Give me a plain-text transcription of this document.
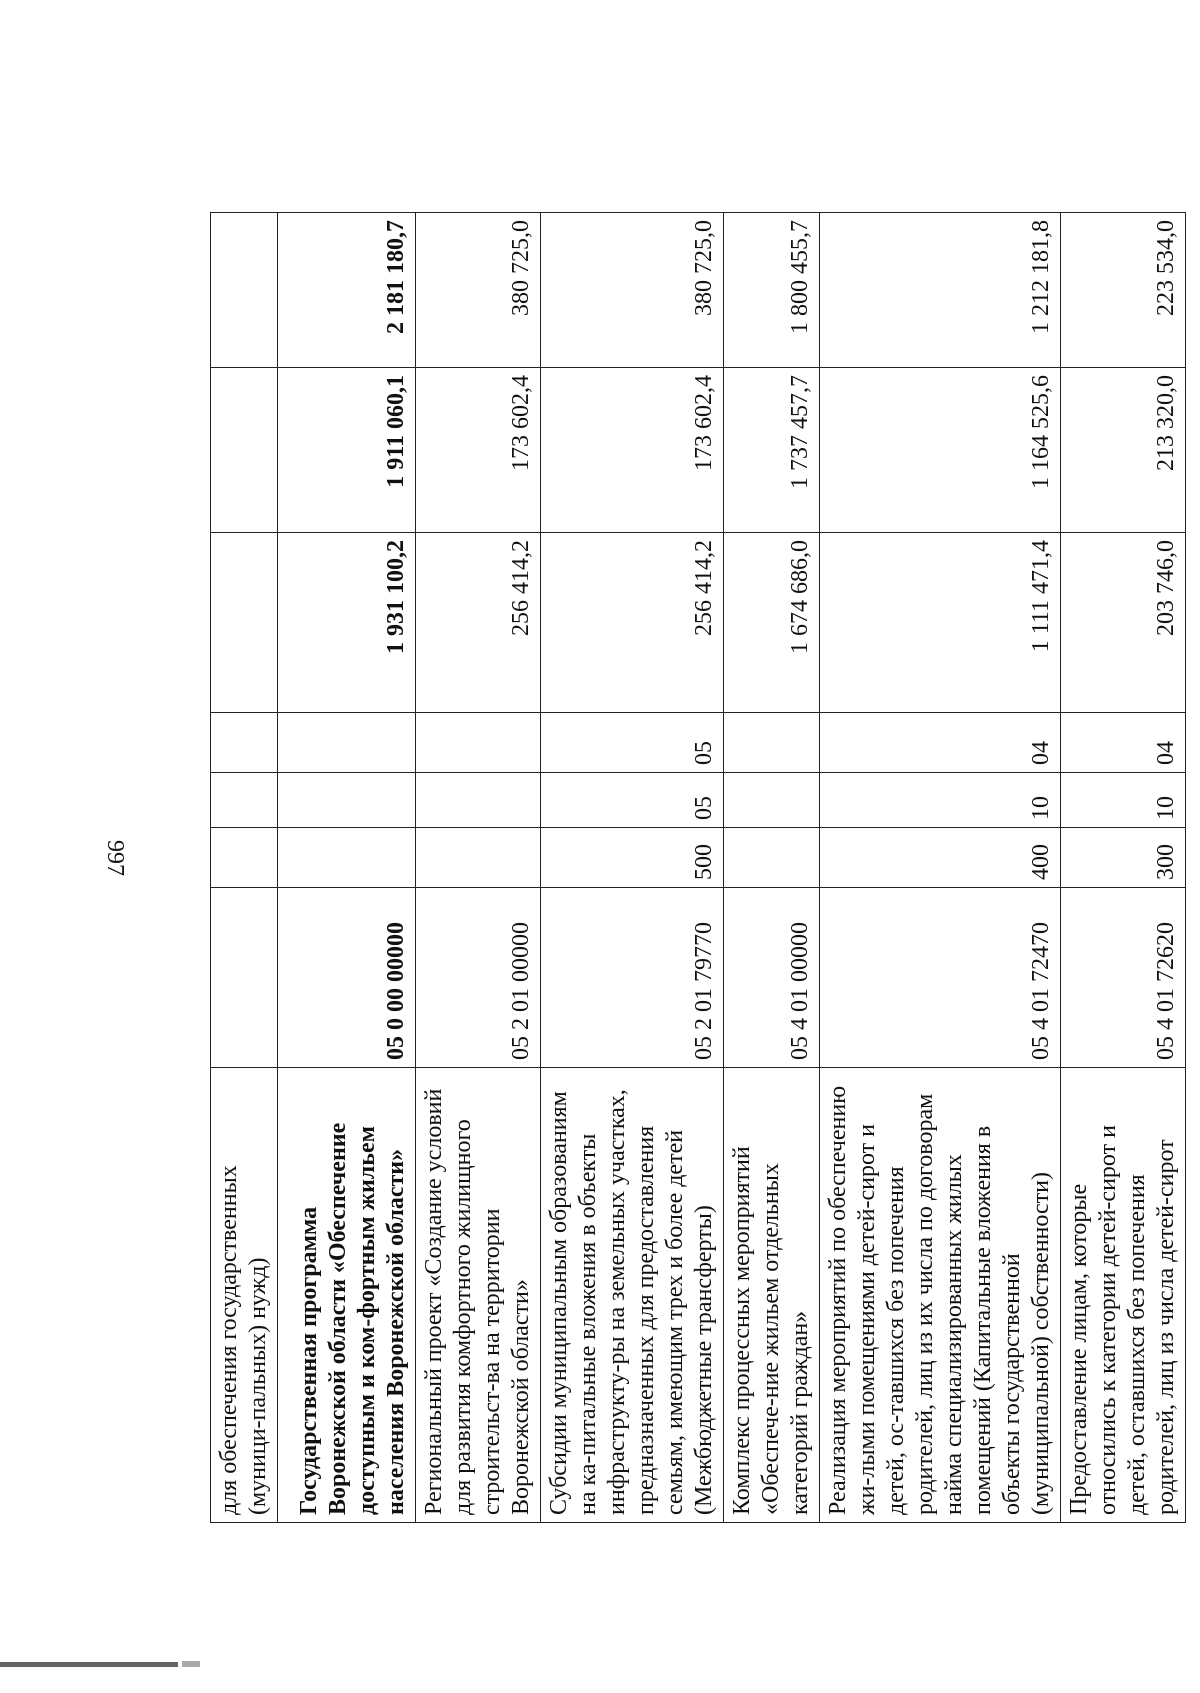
997
для обеспечения государственных (муници-пальных) нужд)							
Государственная программа Воронежской области «Обеспечение доступным и ком-фортным жильем населения Воронежской области»	05 0 00 00000				1 931 100,2	1 911 060,1	2 181 180,7
Региональный проект «Создание условий для развития комфортного жилищного строительст-ва на территории Воронежской области»	05 2 01 00000				256 414,2	173 602,4	380 725,0
Субсидии муниципальным образованиям на ка-питальные вложения в объекты инфраструкту-ры на земельных участках, предназначенных для предоставления семьям, имеющим трех и более детей (Межбюджетные трансферты)	05 2 01 79770	500	05	05	256 414,2	173 602,4	380 725,0
Комплекс процессных мероприятий «Обеспече-ние жильем отдельных категорий граждан»	05 4 01 00000				1 674 686,0	1 737 457,7	1 800 455,7
Реализация мероприятий по обеспечению жи-лыми помещениями детей-сирот и детей, ос-тавшихся без попечения родителей, лиц из их числа по договорам найма специализированных жилых помещений (Капитальные вложения в объекты государственной (муниципальной) собственности)	05 4 01 72470	400	10	04	1 111 471,4	1 164 525,6	1 212 181,8
Предоставление лицам, которые относились к категории детей-сирот и детей, оставшихся без попечения родителей, лиц из числа детей-сирот	05 4 01 72620	300	10	04	203 746,0	213 320,0	223 534,0
